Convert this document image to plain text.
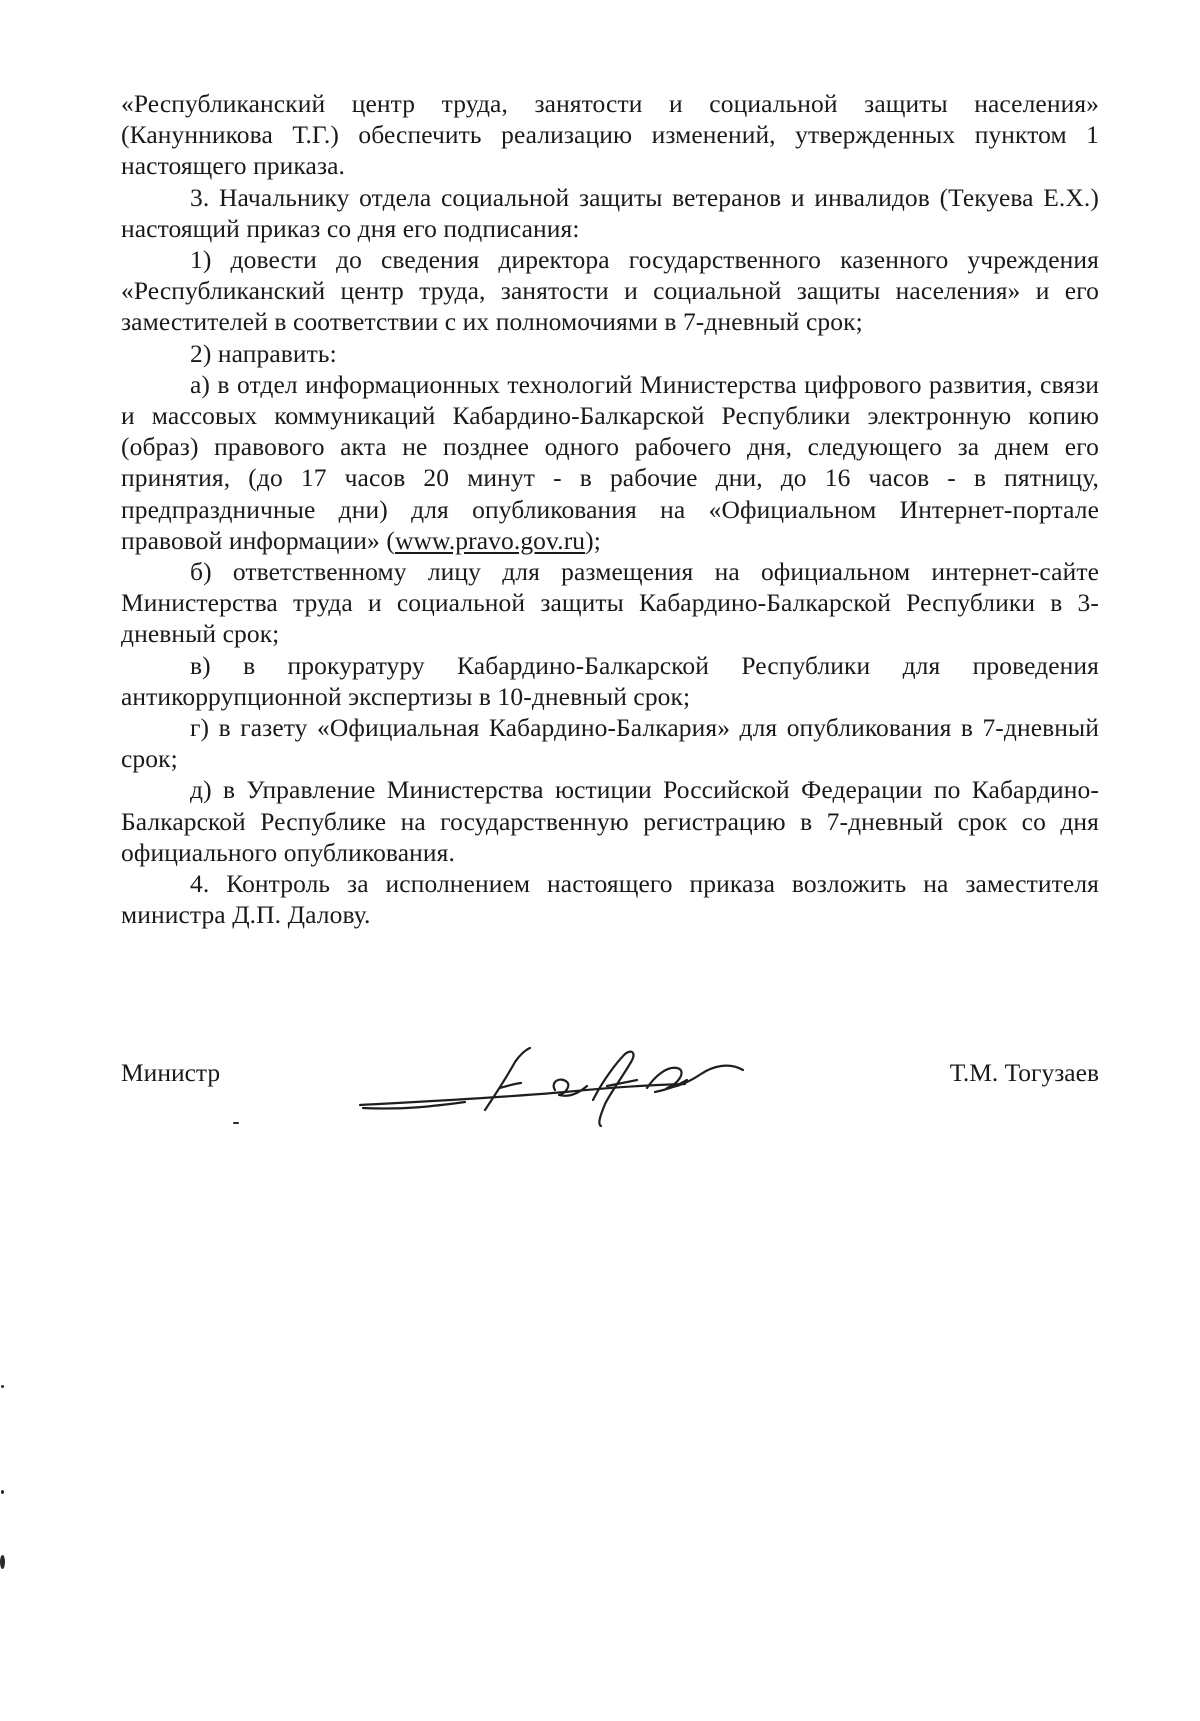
«Республиканский центр труда, занятости и социальной защиты населения» (Канунникова Т.Г.) обеспечить реализацию изменений, утвержденных пунктом 1 настоящего приказа.

3. Начальнику отдела социальной защиты ветеранов и инвалидов (Текуева Е.Х.) настоящий приказ со дня его подписания:

1) довести до сведения директора государственного казенного учреждения «Республиканский центр труда, занятости и социальной защиты населения» и его заместителей в соответствии с их полномочиями в 7-дневный срок;

2) направить:

а) в отдел информационных технологий Министерства цифрового развития, связи и массовых коммуникаций Кабардино-Балкарской Республики электронную копию (образ) правового акта не позднее одного рабочего дня, следующего за днем его принятия, (до 17 часов 20 минут - в рабочие дни, до 16 часов - в пятницу, предпраздничные дни) для опубликования на «Официальном Интернет-портале правовой информации» (www.pravo.gov.ru);

б) ответственному лицу для размещения на официальном интернет-сайте Министерства труда и социальной защиты Кабардино-Балкарской Республики в 3-дневный срок;

в) в прокуратуру Кабардино-Балкарской Республики для проведения антикоррупционной экспертизы в 10-дневный срок;

г) в газету «Официальная Кабардино-Балкария» для опубликования в 7-дневный срок;

д) в Управление Министерства юстиции Российской Федерации по Кабардино-Балкарской Республике на государственную регистрацию в 7-дневный срок со дня официального опубликования.

4. Контроль за исполнением настоящего приказа возложить на заместителя министра Д.П. Далову.

Министр	Т.М. Тогузаев
